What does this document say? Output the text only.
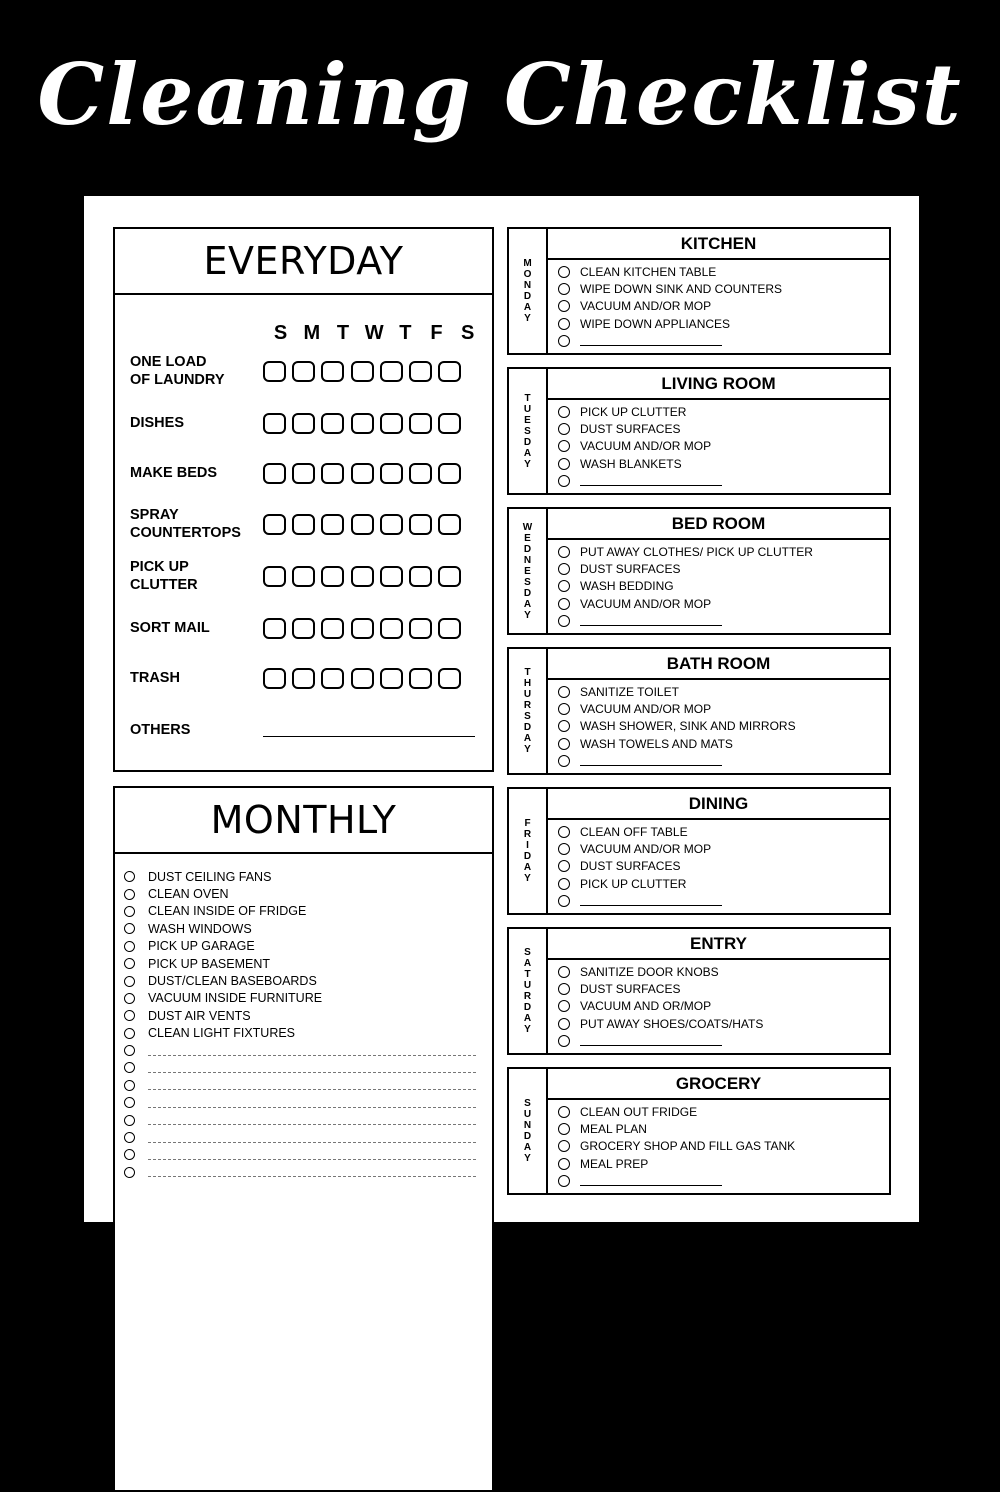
Cleaning Checklist
EVERYDAY
S M T W T F S
ONE LOAD
OF LAUNDRY
DISHES
MAKE BEDS
SPRAY
COUNTERTOPS
PICK UP
CLUTTER
SORT MAIL
TRASH
OTHERS
MONTHLY
DUST CEILING FANS
CLEAN OVEN
CLEAN INSIDE OF FRIDGE
WASH WINDOWS
PICK UP GARAGE
PICK UP BASEMENT
DUST/CLEAN BASEBOARDS
VACUUM INSIDE FURNITURE
DUST AIR VENTS
CLEAN LIGHT FIXTURES
M
O
N
D
A
Y
KITCHEN
CLEAN KITCHEN TABLE
WIPE DOWN SINK AND COUNTERS
VACUUM AND/OR MOP
WIPE DOWN APPLIANCES
T
U
E
S
D
A
Y
LIVING ROOM
PICK UP CLUTTER
DUST SURFACES
VACUUM AND/OR MOP
WASH BLANKETS
W
E
D
N
E
S
D
A
Y
BED ROOM
PUT AWAY CLOTHES/ PICK UP CLUTTER
DUST SURFACES
WASH BEDDING
VACUUM AND/OR MOP
T
H
U
R
S
D
A
Y
BATH ROOM
SANITIZE TOILET
VACUUM AND/OR MOP
WASH SHOWER, SINK AND MIRRORS
WASH TOWELS AND MATS
F
R
I
D
A
Y
DINING
CLEAN OFF TABLE
VACUUM AND/OR MOP
DUST SURFACES
PICK UP CLUTTER
S
A
T
U
R
D
A
Y
ENTRY
SANITIZE DOOR KNOBS
DUST SURFACES
VACUUM AND OR/MOP
PUT AWAY SHOES/COATS/HATS
S
U
N
D
A
Y
GROCERY
CLEAN OUT FRIDGE
MEAL PLAN
GROCERY SHOP AND FILL GAS TANK
MEAL PREP
